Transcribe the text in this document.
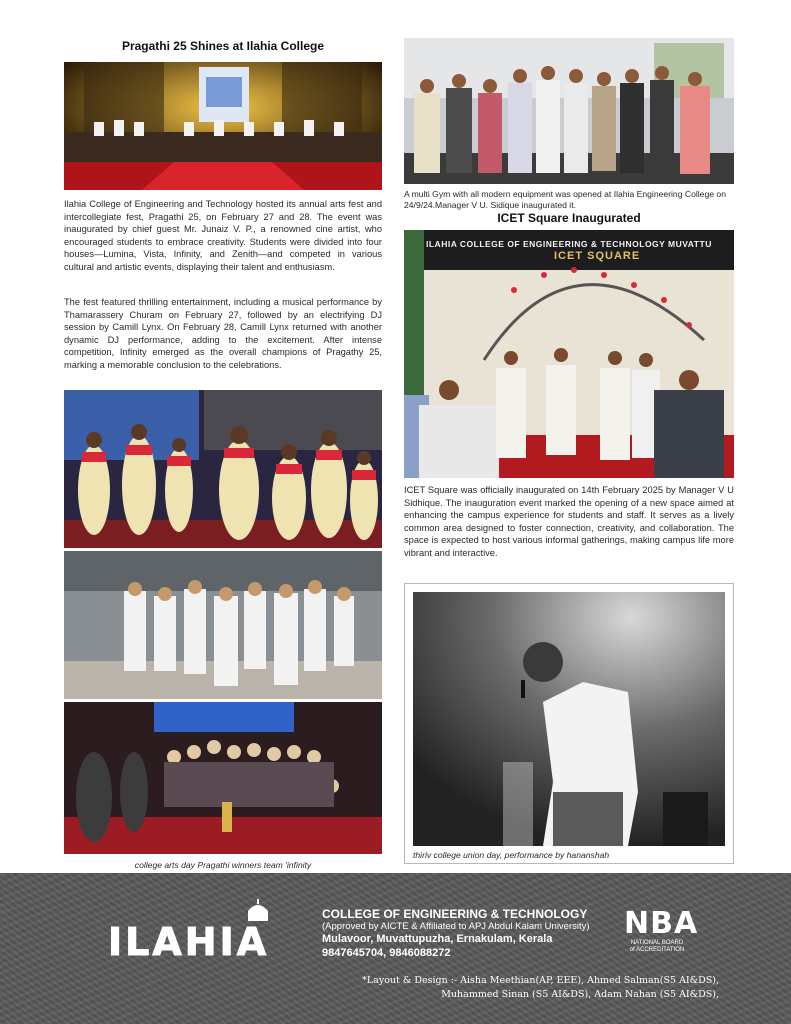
Pragathi 25 Shines at Ilahia College

Ilahia College of Engineering and Technology hosted its annual arts fest and intercollegiate fest, Pragathi 25, on February 27 and 28. The event was inaugurated by chief guest Mr. Junaiz V. P., a renowned cine artist, who encouraged students to embrace creativity. Students were divided into four houses—Lumina, Vista, Infinity, and Zenith—and competed in various cultural and artistic events, displaying their talent and enthusiasm.

The fest featured thrilling entertainment, including a musical performance by Thamarassery Churam on February 27, followed by an electrifying DJ session by Camill Lynx. On February 28, Camill Lynx returned with another dynamic DJ performance, adding to the excitement. After intense competition, Infinity emerged as the overall champions of Pragathy 25, marking a memorable conclusion to the celebrations.

college arts day Pragathi winners team 'infinity
A multi Gym with all modern equipment was opened at Ilahia Engineering College on 24/9/24.Manager V U. Sidique inaugurated it.
ICET Square Inaugurated
ILAHIA COLLEGE OF ENGINEERING & TECHNOLOGY MUVATTU
ICET SQUARE

ICET Square was officially inaugurated on 14th February 2025 by Manager V U Sidhique. The inauguration event marked the opening of a new space aimed at enhancing the campus experience for students and staff. It serves as a lively common area designed to foster connection, creativity, and collaboration. The space is expected to host various informal gatherings, making campus life more vibrant and interactive.

thiriv college union day, performance by hananshah
ILAHIA
COLLEGE OF ENGINEERING & TECHNOLOGY
(Approved by AICTE & Affiliated to APJ Abdul Kalam University)
Mulavoor, Muvattupuzha, Ernakulam, Kerala
9847645704, 9846088272
NBA
NATIONAL BOARD
of ACCREDITATION
*Layout & Design :- Aisha Meethian(AP, EEE), Ahmed Salman(S5 AI&DS),
Muhammed Sinan (S5 AI&DS), Adam Nahan (S5 AI&DS),
